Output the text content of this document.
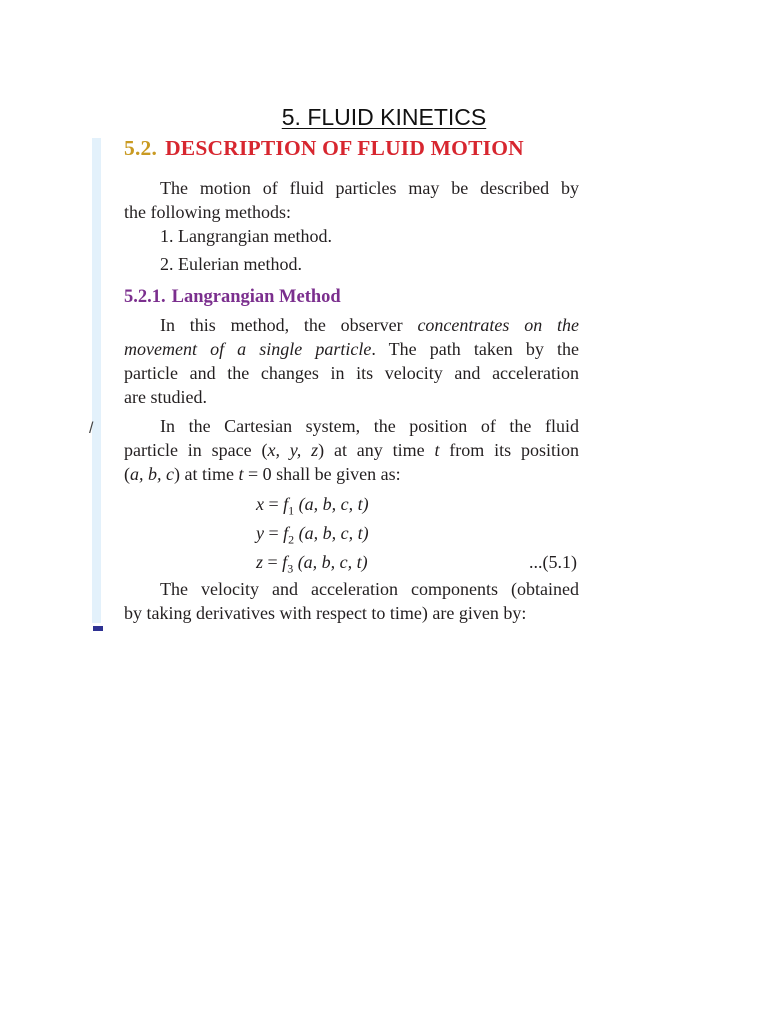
5. FLUID KINETICS
/
5.2. DESCRIPTION OF FLUID MOTION

The motion of fluid particles may be described by

the following methods:

1. Langrangian method.
2. Eulerian method.
5.2.1. Langrangian Method

In this method, the observer concentrates on the

movement of a single particle. The path taken by the

particle and the changes in its velocity and acceleration

are studied.

In the Cartesian system, the position of the fluid

particle in space (x, y, z) at any time t from its position

(a, b, c) at time t = 0 shall be given as:

$x = f_1$ (a, b, c, t)
$y = f_2$ (a, b, c, t)
$z = f_3$ (a, b, c, t)	...(5.1)

The velocity and acceleration components (obtained

by taking derivatives with respect to time) are given by:
